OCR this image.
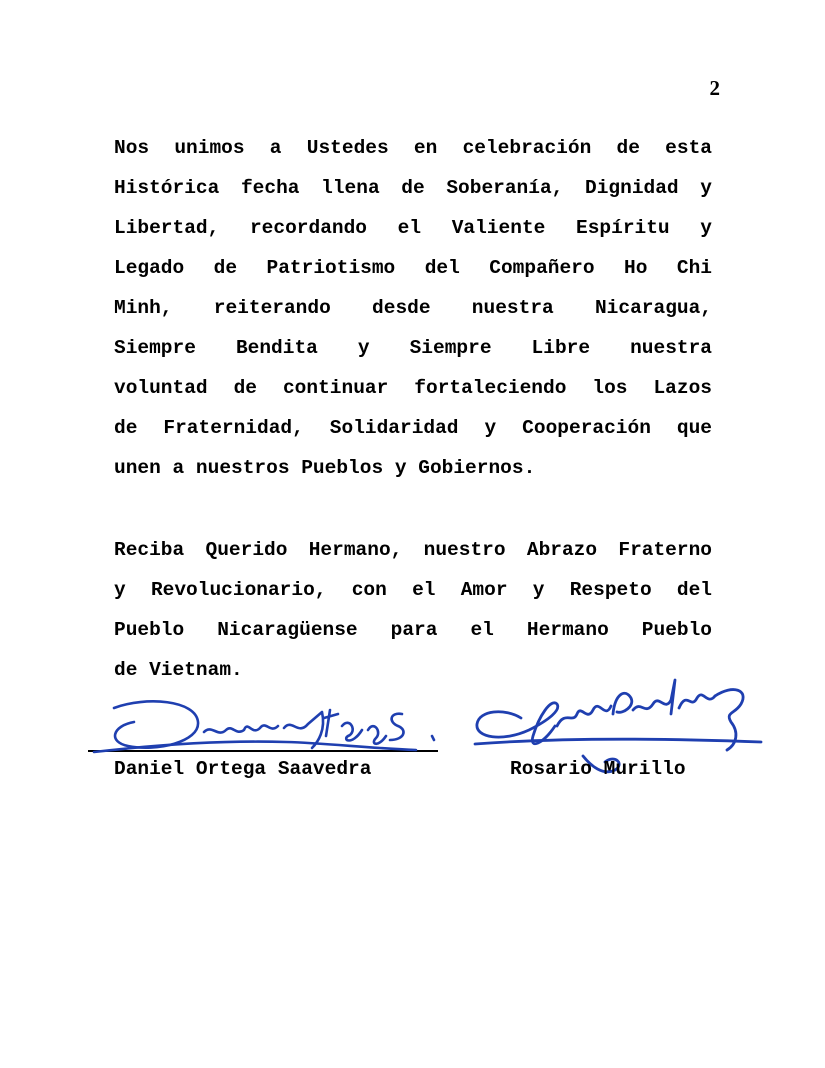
2
Nos unimos a Ustedes en celebración de esta
Histórica fecha llena de Soberanía, Dignidad y
Libertad, recordando el Valiente Espíritu y
Legado de Patriotismo del Compañero Ho Chi
Minh, reiterando desde nuestra Nicaragua,
Siempre Bendita y Siempre Libre nuestra
voluntad de continuar fortaleciendo los Lazos
de Fraternidad, Solidaridad y Cooperación que
unen a nuestros Pueblos y Gobiernos.
Reciba Querido Hermano, nuestro Abrazo Fraterno
y Revolucionario, con el Amor y Respeto del
Pueblo Nicaragüense para el Hermano Pueblo
de Vietnam.
Daniel Ortega Saavedra	Rosario Murillo
